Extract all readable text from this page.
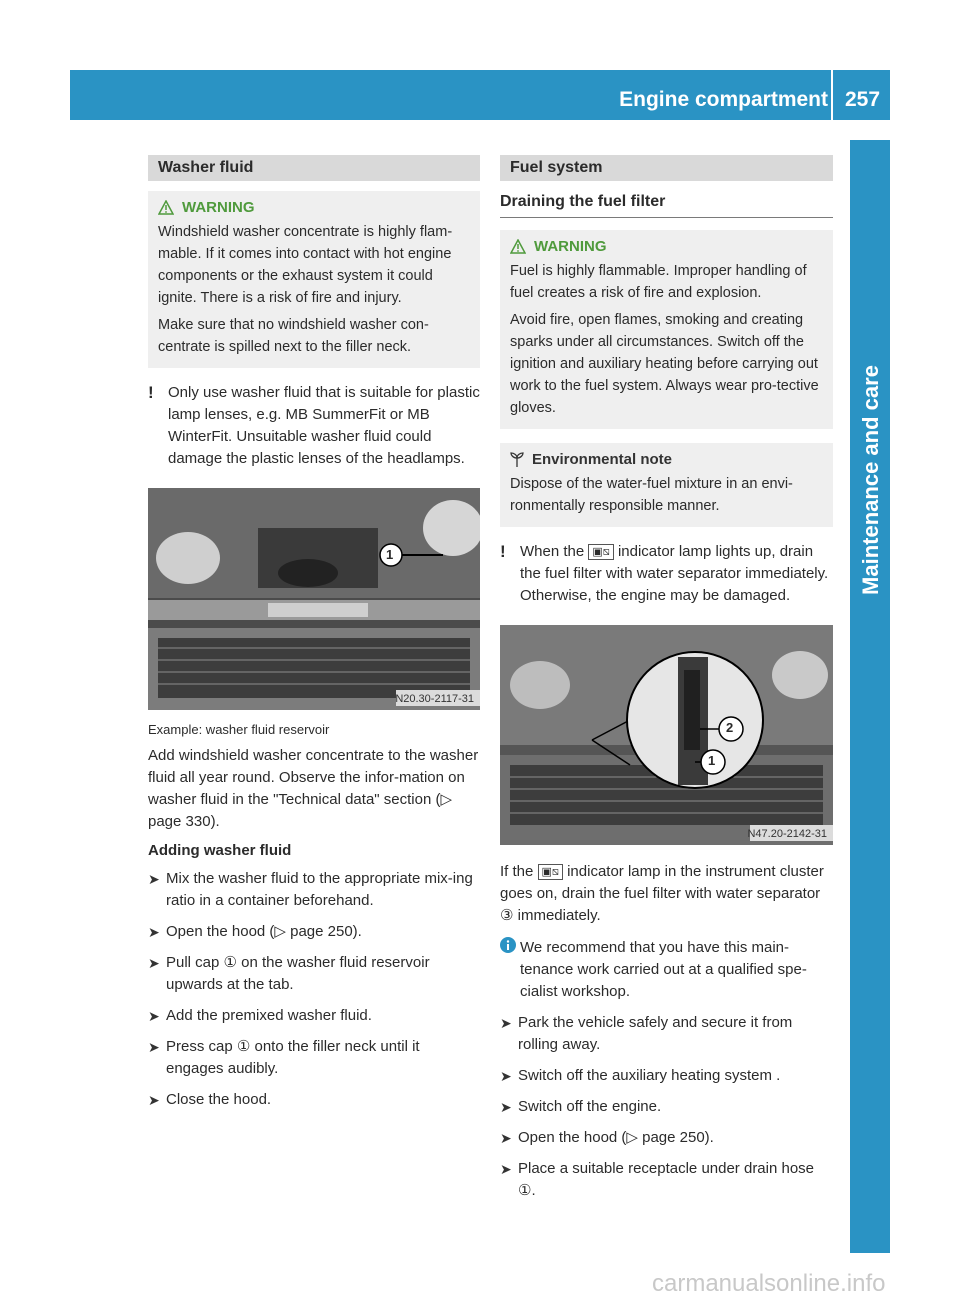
Engine compartment 257
Maintenance and care
Washer fluid
WARNING

Windshield washer concentrate is highly flam-mable. If it comes into contact with hot engine components or the exhaust system it could ignite. There is a risk of fire and injury.

Make sure that no windshield washer con-centrate is spilled next to the filler neck.

! Only use washer fluid that is suitable for plastic lamp lenses, e.g. MB SummerFit or MB WinterFit. Unsuitable washer fluid could damage the plastic lenses of the headlamps.
1
N20.30-2117-31
Example: washer fluid reservoir

Add windshield washer concentrate to the washer fluid all year round. Observe the infor-mation on washer fluid in the "Technical data" section (▷ page 330).

Adding washer fluid
➤ Mix the washer fluid to the appropriate mix-ing ratio in a container beforehand.
➤ Open the hood (▷ page 250).
➤ Pull cap ① on the washer fluid reservoir upwards at the tab.
➤ Add the premixed washer fluid.
➤ Press cap ① onto the filler neck until it engages audibly.
➤ Close the hood.
Fuel system
Draining the fuel filter
WARNING

Fuel is highly flammable. Improper handling of fuel creates a risk of fire and explosion.

Avoid fire, open flames, smoking and creating sparks under all circumstances. Switch off the ignition and auxiliary heating before carrying out work to the fuel system. Always wear pro-tective gloves.

Environmental note

Dispose of the water-fuel mixture in an envi-ronmentally responsible manner.

! When the ▣⧅ indicator lamp lights up, drain the fuel filter with water separator immediately. Otherwise, the engine may be damaged.
2
1
N47.20-2142-31

If the ▣⧅ indicator lamp in the instrument cluster goes on, drain the fuel filter with water separator ③ immediately.

We recommend that you have this main-tenance work carried out at a qualified spe-cialist workshop.
➤ Park the vehicle safely and secure it from rolling away.
➤ Switch off the auxiliary heating system .
➤ Switch off the engine.
➤ Open the hood (▷ page 250).
➤ Place a suitable receptacle under drain hose ①.
carmanualsonline.info
